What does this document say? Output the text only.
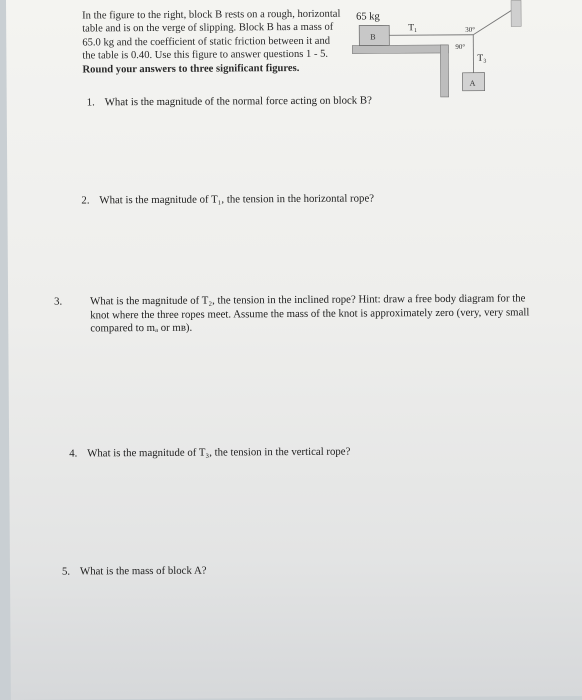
In the figure to the right, block B rests on a rough, horizontal table and is on the verge of slipping. Block B has a mass of 65.0 kg and the coefficient of static friction between it and the table is 0.40. Use this figure to answer questions 1 - 5. Round your answers to three significant figures.
65 kg
B
T₁	30°
90°
T₃
A
1. What is the magnitude of the normal force acting on block B?
2. What is the magnitude of T₁, the tension in the horizontal rope?
3.	What is the magnitude of T₂, the tension in the inclined rope? Hint: draw a free body diagram for the knot where the three ropes meet. Assume the mass of the knot is approximately zero (very, very small compared to mₐ or mʙ).
4. What is the magnitude of T₃, the tension in the vertical rope?
5. What is the mass of block A?
